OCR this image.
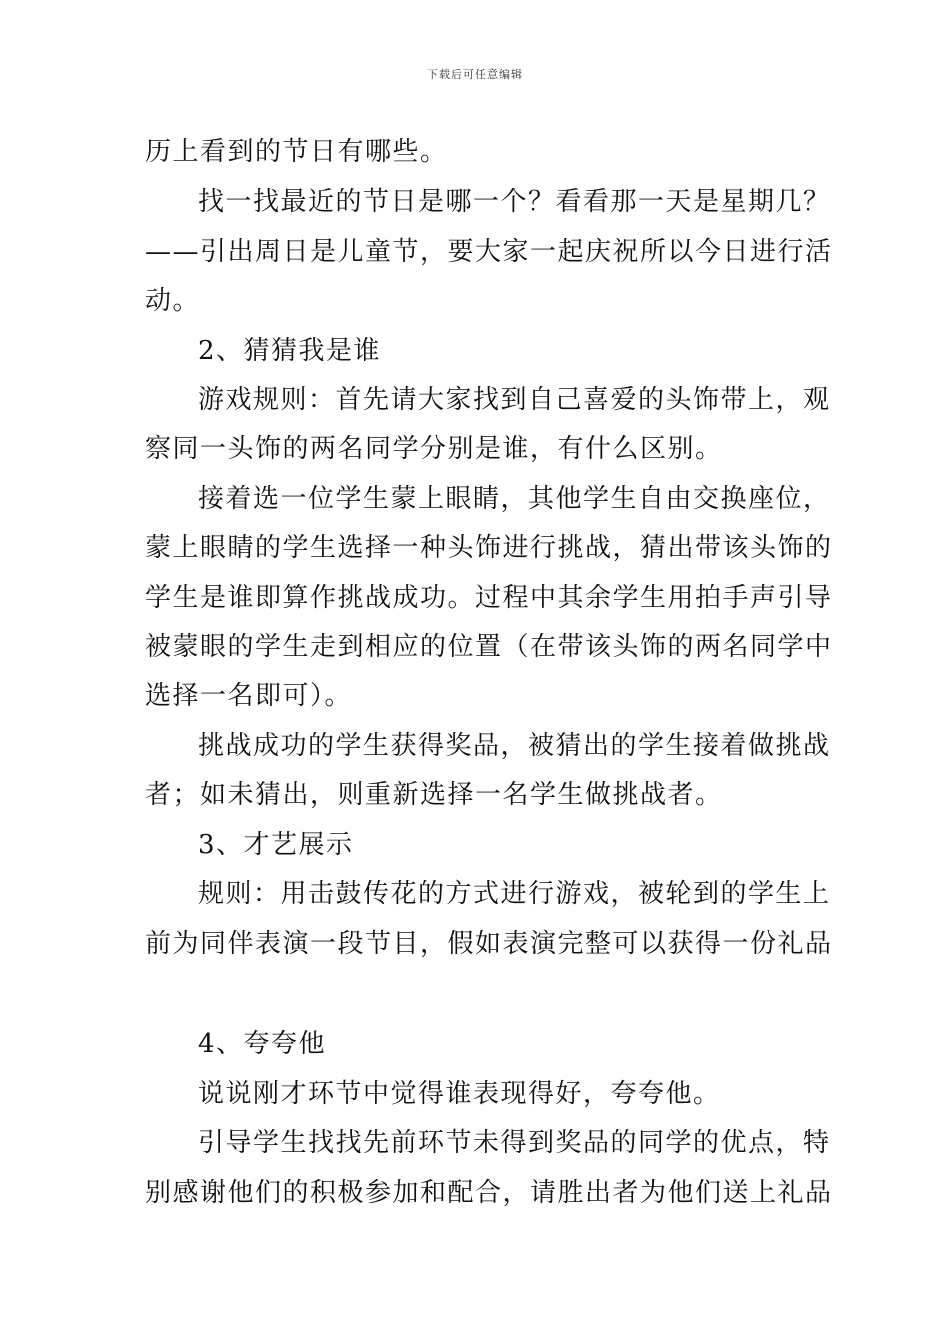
下载后可任意编辑
历上看到的节日有哪些。
找一找最近的节日是哪一个？看看那一天是星期几？
——引出周日是儿童节，要大家一起庆祝所以今日进行活
动。
2、猜猜我是谁
游戏规则：首先请大家找到自己喜爱的头饰带上，观
察同一头饰的两名同学分别是谁，有什么区别。
接着选一位学生蒙上眼睛，其他学生自由交换座位，
蒙上眼睛的学生选择一种头饰进行挑战，猜出带该头饰的
学生是谁即算作挑战成功。过程中其余学生用拍手声引导
被蒙眼的学生走到相应的位置（在带该头饰的两名同学中
选择一名即可）。
挑战成功的学生获得奖品，被猜出的学生接着做挑战
者；如未猜出，则重新选择一名学生做挑战者。
3、才艺展示
规则：用击鼓传花的方式进行游戏，被轮到的学生上
前为同伴表演一段节目，假如表演完整可以获得一份礼品
4、夸夸他
说说刚才环节中觉得谁表现得好，夸夸他。
引导学生找找先前环节未得到奖品的同学的优点，特
别感谢他们的积极参加和配合，请胜出者为他们送上礼品
